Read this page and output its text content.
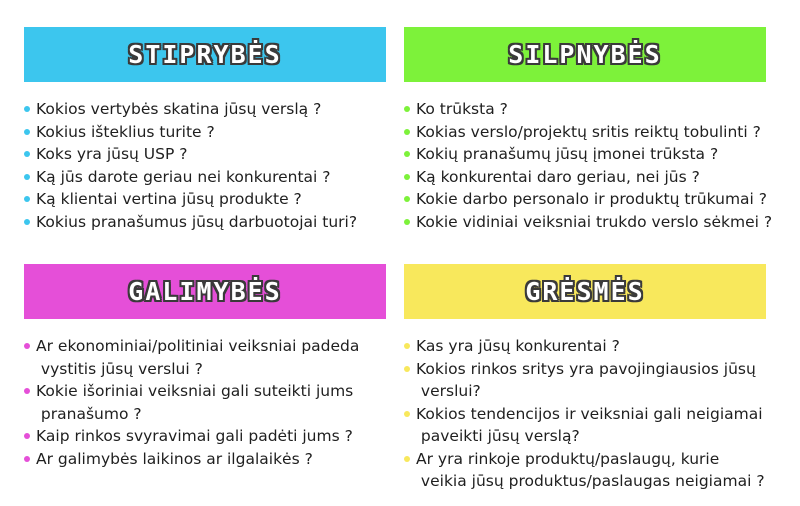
STIPRYBĖS
Kokios vertybės skatina jūsų verslą ?
Kokius išteklius turite ?
Koks yra jūsų USP ?
Ką jūs darote geriau nei konkurentai ?
Ką klientai vertina jūsų produkte ?
Kokius pranašumus jūsų darbuotojai turi?
SILPNYBĖS
Ko trūksta ?
Kokias verslo/projektų sritis reiktų tobulinti ?
Kokių pranašumų jūsų įmonei trūksta ?
Ką konkurentai daro geriau, nei jūs ?
Kokie darbo personalo ir produktų trūkumai ?
Kokie vidiniai veiksniai trukdo verslo sėkmei ?
GALIMYBĖS
Ar ekonominiai/politiniai veiksniai padeda
vystitis jūsų verslui ?
Kokie išoriniai veiksniai gali suteikti jums
pranašumo ?
Kaip rinkos svyravimai gali padėti jums ?
Ar galimybės laikinos ar ilgalaikės ?
GRĖSMĖS
Kas yra jūsų konkurentai ?
Kokios rinkos sritys yra pavojingiausios jūsų
verslui?
Kokios tendencijos ir veiksniai gali neigiamai
paveikti jūsų verslą?
Ar yra rinkoje produktų/paslaugų, kurie
veikia jūsų produktus/paslaugas neigiamai ?
